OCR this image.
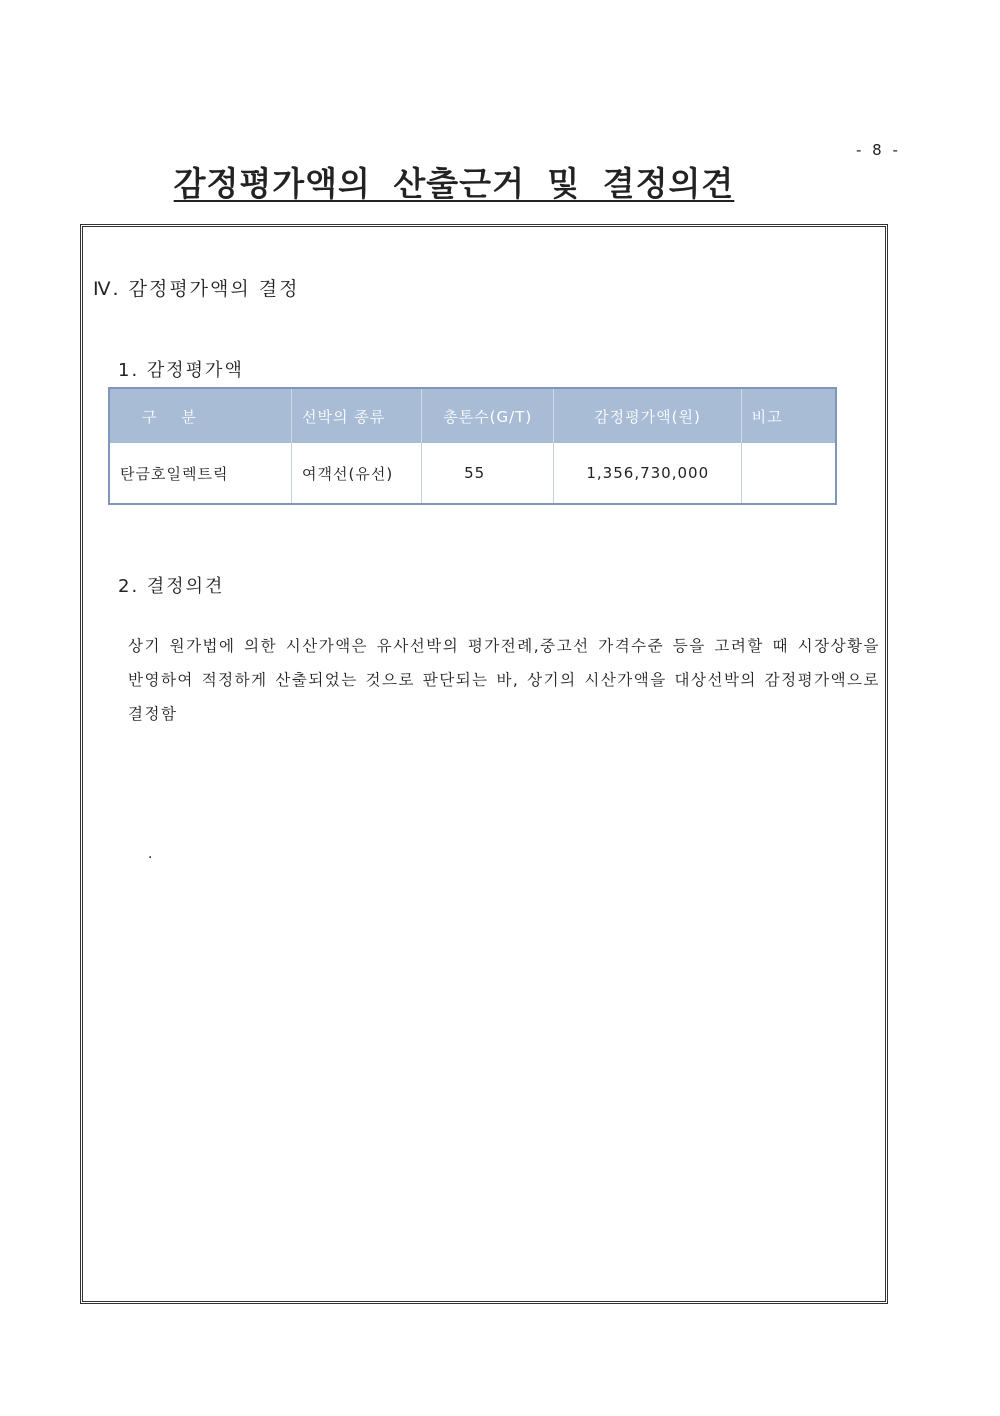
- 8 -
감정평가액의 산출근거 및 결정의견
Ⅳ. 감정평가액의 결정
1. 감정평가액
구 분	선박의 종류	총톤수(G/T)	감정평가액(원)	비고
탄금호일렉트릭	여객선(유선)	55	1,356,730,000	
2. 결정의견

상기 원가법에 의한 시산가액은 유사선박의 평가전례,중고선 가격수준 등을 고려할 때 시장상황을 반영하여 적정하게 산출되었는 것으로 판단되는 바, 상기의 시산가액을 대상선박의 감정평가액으로 결정함

.
